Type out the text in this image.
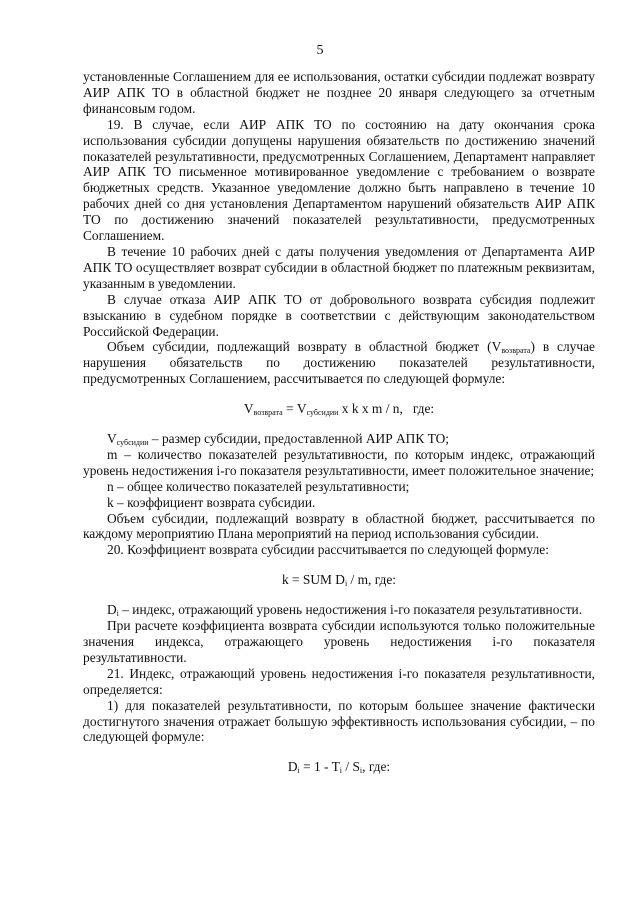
5

установленные Соглашением для ее использования, остатки субсидии подлежат возврату АИР АПК ТО в областной бюджет не позднее 20 января следующего за отчетным финансовым годом.

19. В случае, если АИР АПК ТО по состоянию на дату окончания срока использования субсидии допущены нарушения обязательств по достижению значений показателей результативности, предусмотренных Соглашением, Департамент направляет АИР АПК ТО письменное мотивированное уведомление с требованием о возврате бюджетных средств. Указанное уведомление должно быть направлено в течение 10 рабочих дней со дня установления Департаментом нарушений обязательств АИР АПК ТО по достижению значений показателей результативности, предусмотренных Соглашением.

В течение 10 рабочих дней с даты получения уведомления от Департамента АИР АПК ТО осуществляет возврат субсидии в областной бюджет по платежным реквизитам, указанным в уведомлении.

В случае отказа АИР АПК ТО от добровольного возврата субсидия подлежит взысканию в судебном порядке в соответствии с действующим законодательством Российской Федерации.

Объем субсидии, подлежащий возврату в областной бюджет $(V_{возврата})$ в случае нарушения обязательств по достижению показателей результативности, предусмотренных Соглашением, рассчитывается по следующей формуле:

$V_{возврата} = V_{субсидии}$ x k x m / n,   где:

$V_{субсидии}$ – размер субсидии, предоставленной АИР АПК ТО;

m – количество показателей результативности, по которым индекс, отражающий уровень недостижения i-го показателя результативности, имеет положительное значение;

n – общее количество показателей результативности;

k – коэффициент возврата субсидии.

Объем субсидии, подлежащий возврату в областной бюджет, рассчитывается по каждому мероприятию Плана мероприятий на период использования субсидии.

20. Коэффициент возврата субсидии рассчитывается по следующей формуле:

k = SUM $D_i$ / m, где:

$D_i$ – индекс, отражающий уровень недостижения i-го показателя результативности.

При расчете коэффициента возврата субсидии используются только положительные значения индекса, отражающего уровень недостижения i-го показателя результативности.

21. Индекс, отражающий уровень недостижения i-го показателя результативности, определяется:

1) для показателей результативности, по которым большее значение фактически достигнутого значения отражает большую эффективность использования субсидии, – по следующей формуле:

$D_i = 1 - T_i / S_i$, где:
